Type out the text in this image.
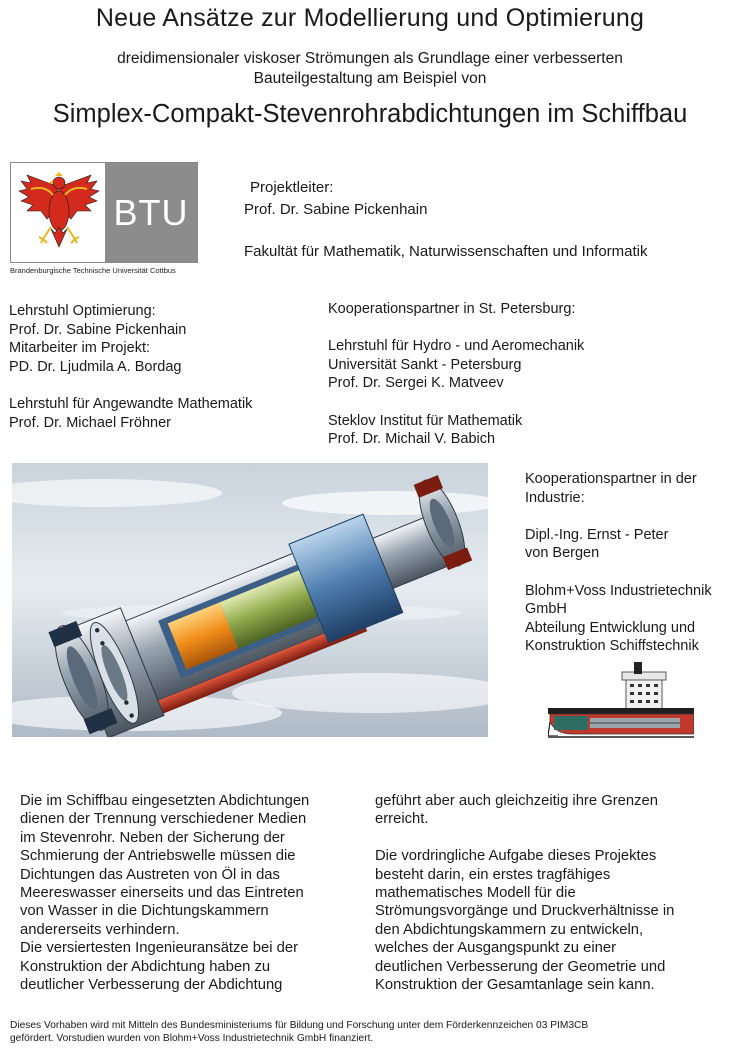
Neue Ansätze zur Modellierung und Optimierung
dreidimensionaler viskoser Strömungen als Grundlage einer verbesserten
Bauteilgestaltung am Beispiel von
Simplex-Compakt-Stevenrohrabdichtungen im Schiffbau
BTU
Brandenburgische Technische Universität Cottbus
Projektleiter:
Prof. Dr. Sabine Pickenhain
Fakultät für Mathematik, Naturwissenschaften und Informatik
Lehrstuhl Optimierung:
Prof. Dr. Sabine Pickenhain
Mitarbeiter im Projekt:
PD. Dr. Ljudmila A. Bordag
Lehrstuhl für Angewandte Mathematik
Prof. Dr. Michael Fröhner
Kooperationspartner in St. Petersburg:
Lehrstuhl für Hydro - und Aeromechanik
Universität Sankt - Petersburg
Prof. Dr. Sergei K. Matveev
Steklov Institut für Mathematik
Prof. Dr. Michail V. Babich
Kooperationspartner in der
Industrie:
Dipl.-Ing. Ernst - Peter
von Bergen
Blohm+Voss Industrietechnik
GmbH
Abteilung Entwicklung und
Konstruktion Schiffstechnik
Die im Schiffbau eingesetzten Abdichtungen
dienen der Trennung verschiedener Medien
im Stevenrohr. Neben der Sicherung der
Schmierung der Antriebswelle müssen die
Dichtungen das Austreten von Öl in das
Meereswasser einerseits und das Eintreten
von Wasser in die Dichtungskammern
andererseits verhindern.
Die versiertesten Ingenieuransätze bei der
Konstruktion der Abdichtung haben zu
deutlicher Verbesserung der Abdichtung
geführt aber auch gleichzeitig ihre Grenzen
erreicht.
Die vordringliche Aufgabe dieses Projektes
besteht darin, ein erstes tragfähiges
mathematisches Modell für die
Strömungsvorgänge und Druckverhältnisse in
den Abdichtungskammern zu entwickeln,
welches der Ausgangspunkt zu einer
deutlichen Verbesserung der Geometrie und
Konstruktion der Gesamtanlage sein kann.
Dieses Vorhaben wird mit Mitteln des Bundesministeriums für Bildung und Forschung unter dem Förderkennzeichen 03 PIM3CB
gefördert. Vorstudien wurden von Blohm+Voss Industrietechnik GmbH finanziert.
